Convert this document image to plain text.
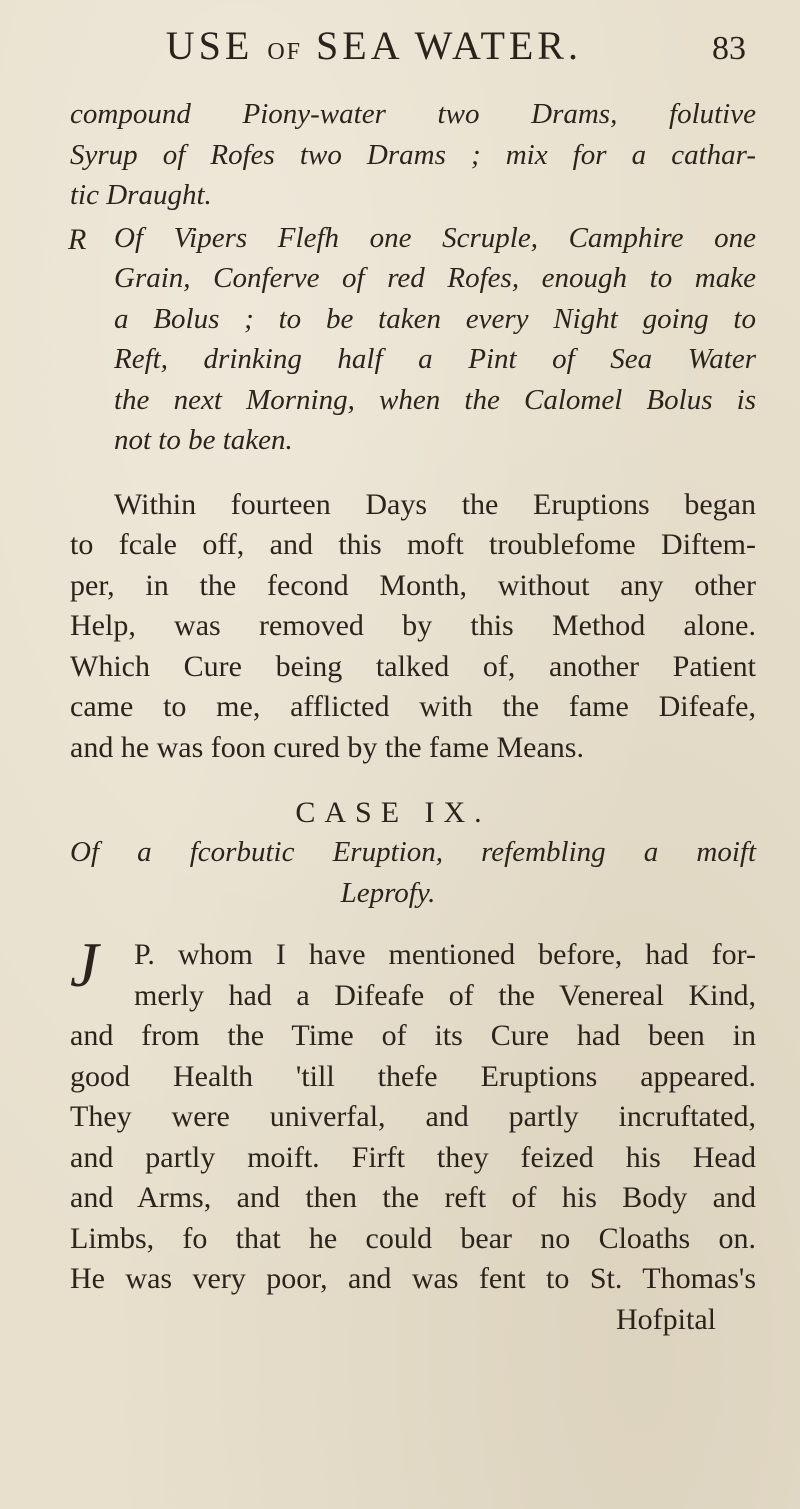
USE OF SEA WATER.	83
compound Piony-water two Drams, folutive
Syrup of Rofes two Drams ; mix for a cathar-
tic Draught.
R Of Vipers Flefh one Scruple, Camphire one
Grain, Conferve of red Rofes, enough to make
a Bolus ; to be taken every Night going to
Reft, drinking half a Pint of Sea Water
the next Morning, when the Calomel Bolus is
not to be taken.
Within fourteen Days the Eruptions began
to fcale off, and this moft troublefome Diftem-
per, in the fecond Month, without any other
Help, was removed by this Method alone.
Which Cure being talked of, another Patient
came to me, afflicted with the fame Difeafe,
and he was foon cured by the fame Means.
CASE IX.
Of a fcorbutic Eruption, refembling a moift
Leprofy.
J	P. whom I have mentioned before, had for-
merly had a Difeafe of the Venereal Kind,
and from the Time of its Cure had been in
good Health 'till thefe Eruptions appeared.
They were univerfal, and partly incruftated,
and partly moift. Firft they feized his Head
and Arms, and then the reft of his Body and
Limbs, fo that he could bear no Cloaths on.
He was very poor, and was fent to St. Thomas's
Hofpital
